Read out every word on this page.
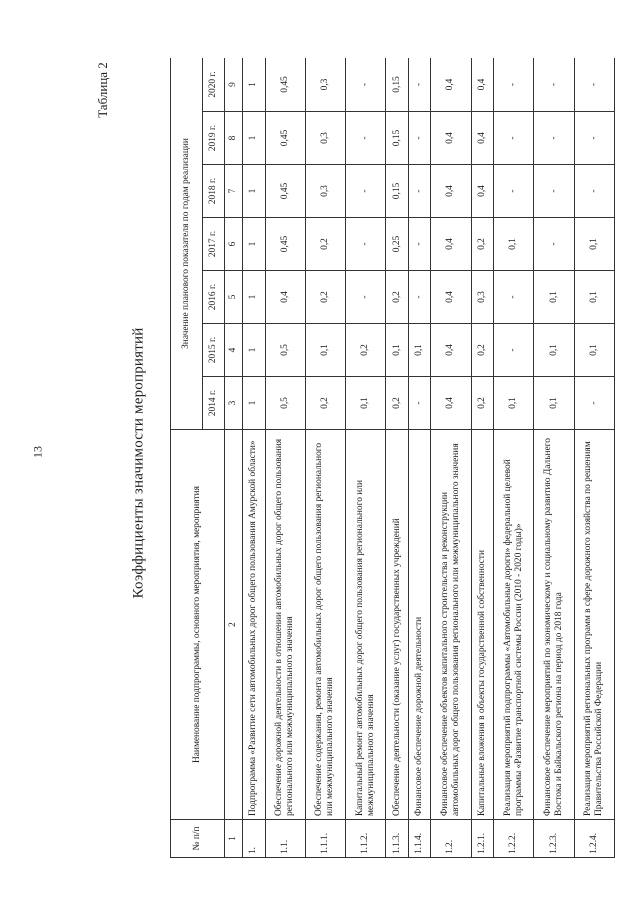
13
Таблица 2
Коэффициенты значимости мероприятий
№ п/п	Наименование подпрограммы, основного мероприятия, мероприятия	Значение планового показателя по годам реализации						
		2014 г.	2015 г.	2016 г.	2017 г.	2018 г.	2019 г.	2020 г.
1	2	3	4	5	6	7	8	9
1.	Подпрограмма «Развитие сети автомобильных дорог общего пользования Амурской области»	1	1	1	1	1	1	1
1.1.	Обеспечение дорожной деятельности в отношении автомобильных дорог общего пользования регионального или межмуниципального значения	0,5	0,5	0,4	0,45	0,45	0,45	0,45
1.1.1.	Обеспечение содержания, ремонта автомобильных дорог общего пользования регионального или межмуниципального значения	0,2	0,1	0,2	0,2	0,3	0,3	0,3
1.1.2.	Капитальный ремонт автомобильных дорог общего пользования регионального или межмуниципального значения	0,1	0,2	-	-	-	-	-
1.1.3.	Обеспечение деятельности (оказание услуг) государственных учреждений	0,2	0,1	0,2	0,25	0,15	0,15	0,15
1.1.4.	Финансовое обеспечение дорожной деятельности	-	0,1	-	-	-	-	-
1.2.	Финансовое обеспечение объектов капитального строительства и реконструкции автомобильных дорог общего пользования регионального или межмуниципального значения	0,4	0,4	0,4	0,4	0,4	0,4	0,4
1.2.1.	Капитальные вложения в объекты государственной собственности	0,2	0,2	0,3	0,2	0,4	0,4	0,4
1.2.2.	Реализация мероприятий подпрограммы «Автомобильные дороги» федеральной целевой программы «Развитие транспортной системы России (2010 - 2020 годы)»	0,1	-	-	0,1	-	-	-
1.2.3.	Финансовое обеспечение мероприятий по экономическому и социальному развитию Дальнего Востока и Байкальского региона на период до 2018 года	0,1	0,1	0,1	-	-	-	-
1.2.4.	Реализация мероприятий региональных программ в сфере дорожного хозяйства по решениям Правительства Российской Федерации	-	0,1	0,1	0,1	-	-	-
